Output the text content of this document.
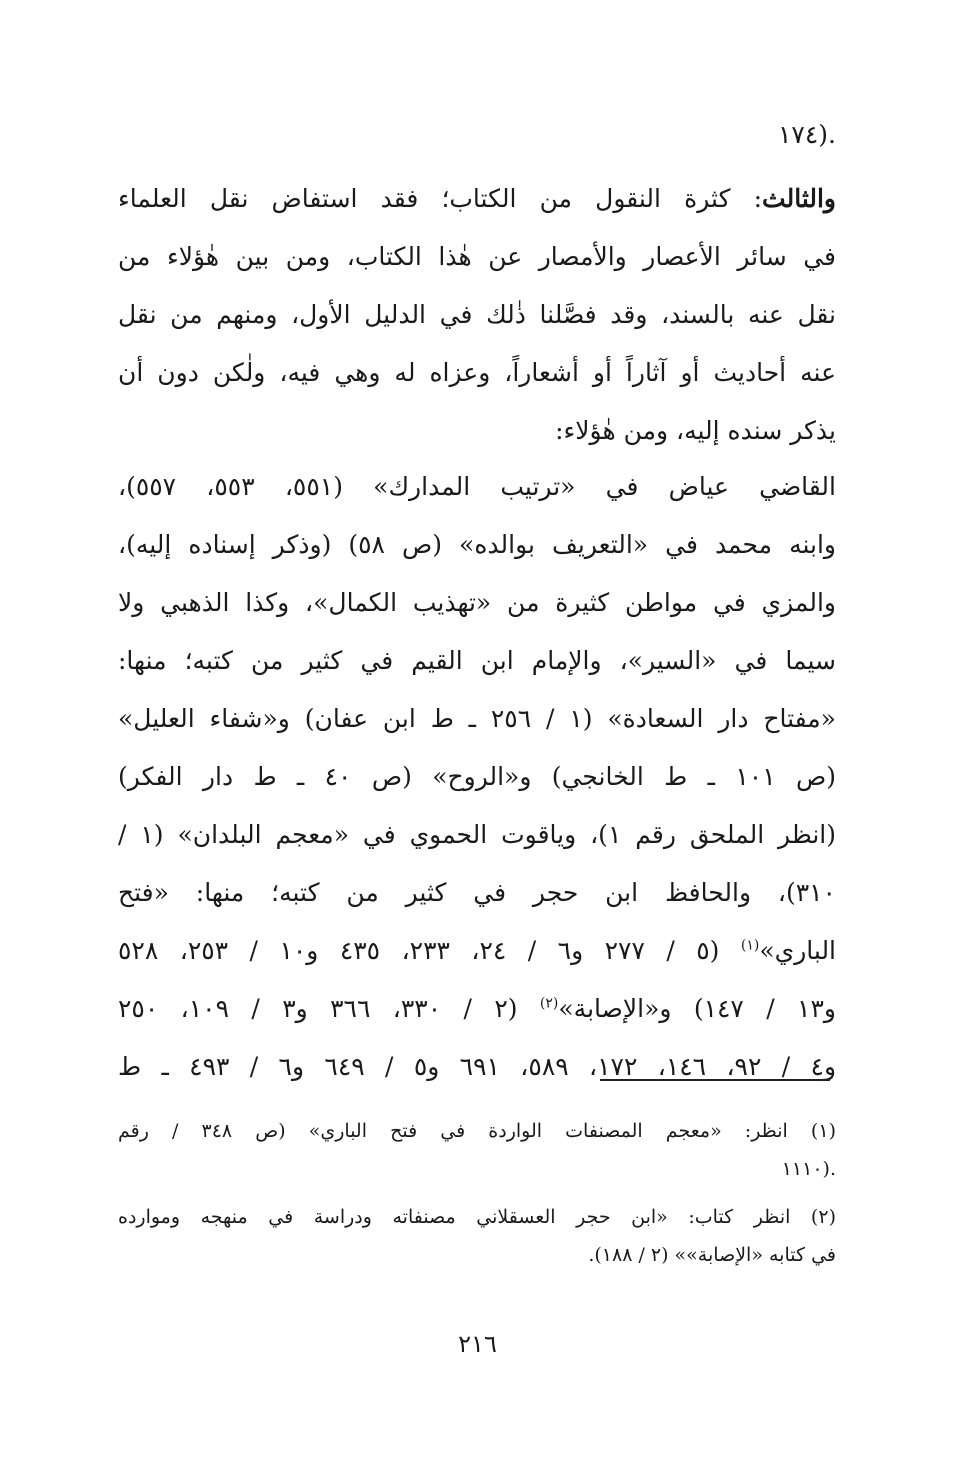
.(١٧٤
والثالث: كثرة النقول من الكتاب؛ فقد استفاض نقل العلماء
في سائر الأعصار والأمصار عن هٰذا الكتاب، ومن بين هٰؤلاء من
نقل عنه بالسند، وقد فصَّلنا ذٰلك في الدليل الأول، ومنهم من نقل
عنه أحاديث أو آثاراً أو أشعاراً، وعزاه له وهي فيه، ولٰكن دون أن
يذكر سنده إليه، ومن هٰؤلاء:
القاضي عياض في «ترتيب المدارك» (٥٥١، ٥٥٣، ٥٥٧)،
وابنه محمد في «التعريف بوالده» (ص ٥٨) (وذكر إسناده إليه)،
والمزي في مواطن كثيرة من «تهذيب الكمال»، وكذا الذهبي ولا
سيما في «السير»، والإمام ابن القيم في كثير من كتبه؛ منها:
«مفتاح دار السعادة» (١ / ٢٥٦ ـ ط ابن عفان) و«شفاء العليل»
(ص ١٠١ ـ ط الخانجي) و«الروح» (ص ٤٠ ـ ط دار الفكر)
(انظر الملحق رقم ١)، وياقوت الحموي في «معجم البلدان» (١ /
٣١٠)، والحافظ ابن حجر في كثير من كتبه؛ منها: «فتح
الباري»$^{(١)}$ (٥ / ٢٧٧ و٦ / ٢٤، ٢٣٣، ٤٣٥ و١٠ / ٢٥٣، ٥٢٨
و١٣ / ١٤٧) و«الإصابة»$^{(٢)}$ (٢ / ٣٣٠، ٣٦٦ و٣ / ١٠٩، ٢٥٠
و٤ / ٩٢، ١٤٦، ١٧٢، ٥٨٩، ٦٩١ و٥ / ٦٤٩ و٦ / ٤٩٣ ـ ط
(١) انظر: «معجم المصنفات الواردة في فتح الباري» (ص ٣٤٨ / رقم
.(١١١٠
(٢) انظر كتاب: «ابن حجر العسقلاني مصنفاته ودراسة في منهجه وموارده
في كتابه «الإصابة»» (٢ / ١٨٨).
٢١٦
